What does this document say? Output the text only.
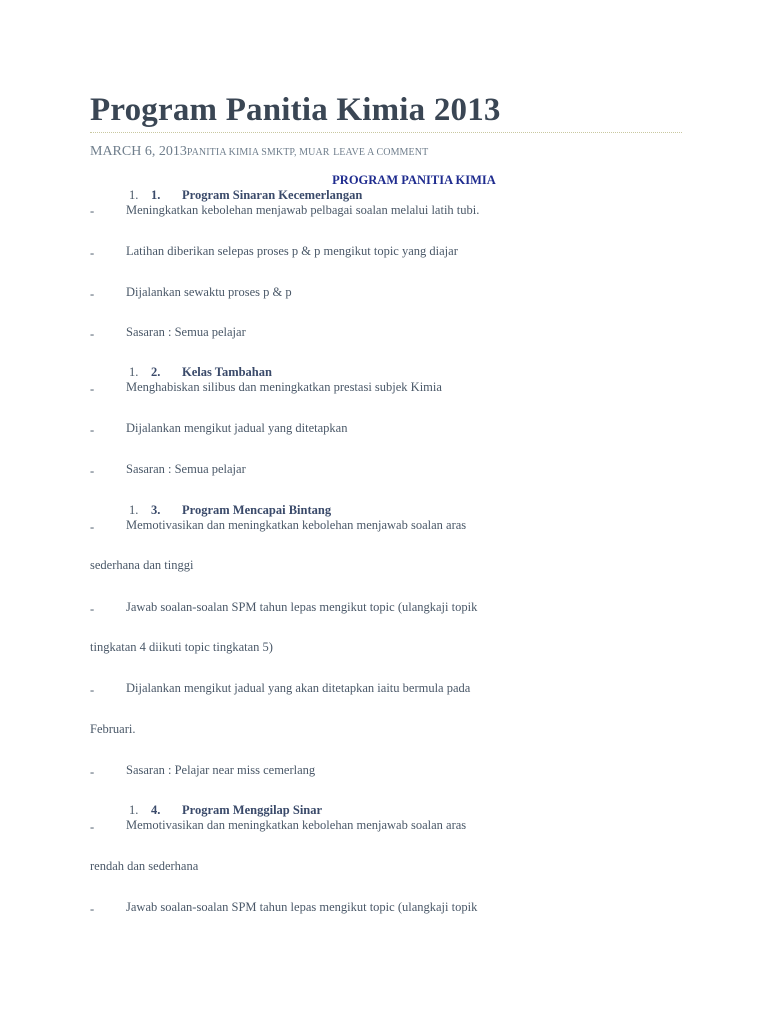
Program Panitia Kimia 2013
MARCH 6, 2013PANITIA KIMIA SMKTP, MUAR LEAVE A COMMENT
PROGRAM PANITIA KIMIA
1. 1. Program Sinaran Kecemerlangan
-	Meningkatkan kebolehan menjawab pelbagai soalan melalui latih tubi.
-	Latihan diberikan selepas proses p & p mengikut topic yang diajar
-	Dijalankan sewaktu proses p & p
-	Sasaran : Semua pelajar
1. 2. Kelas Tambahan
-	Menghabiskan silibus dan meningkatkan prestasi subjek Kimia
-	Dijalankan mengikut jadual yang ditetapkan
-	Sasaran : Semua pelajar
1. 3. Program Mencapai Bintang
-	Memotivasikan dan meningkatkan kebolehan menjawab soalan aras
sederhana dan tinggi
-	Jawab soalan-soalan SPM tahun lepas mengikut topic (ulangkaji topik
tingkatan 4 diikuti topic tingkatan 5)
-	Dijalankan mengikut jadual yang akan ditetapkan iaitu bermula pada
Februari.
-	Sasaran : Pelajar near miss cemerlang
1. 4. Program Menggilap Sinar
-	Memotivasikan dan meningkatkan kebolehan menjawab soalan aras
rendah dan sederhana
-	Jawab soalan-soalan SPM tahun lepas mengikut topic (ulangkaji topik
